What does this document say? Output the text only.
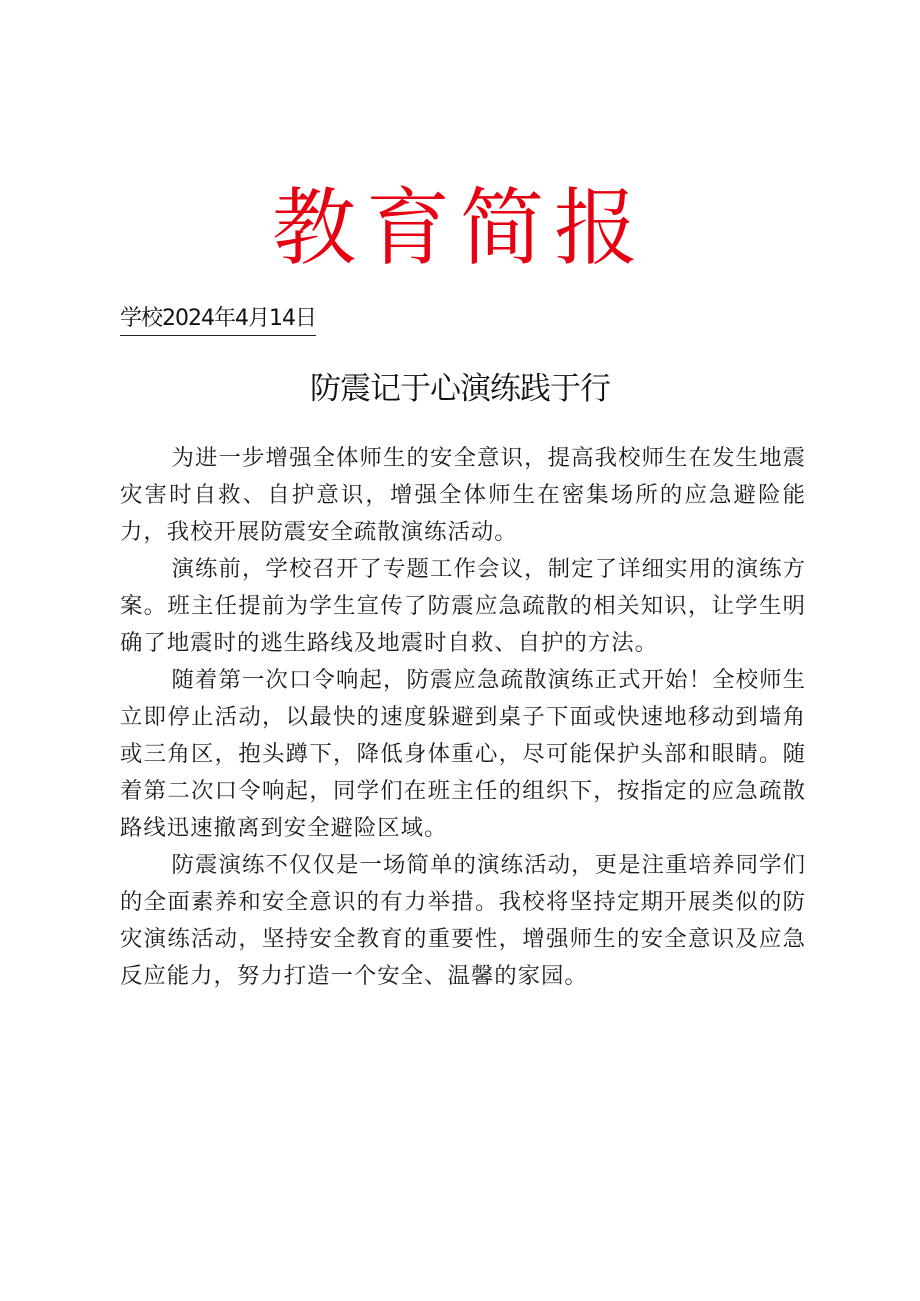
教育简报
学校2024年4月14日
防震记于心演练践于行

为进一步增强全体师生的安全意识，提高我校师生在发生地震灾害时自救、自护意识，增强全体师生在密集场所的应急避险能力，我校开展防震安全疏散演练活动。

演练前，学校召开了专题工作会议，制定了详细实用的演练方案。班主任提前为学生宣传了防震应急疏散的相关知识，让学生明确了地震时的逃生路线及地震时自救、自护的方法。

随着第一次口令响起，防震应急疏散演练正式开始！全校师生立即停止活动，以最快的速度躲避到桌子下面或快速地移动到墙角或三角区，抱头蹲下，降低身体重心，尽可能保护头部和眼睛。随着第二次口令响起，同学们在班主任的组织下，按指定的应急疏散路线迅速撤离到安全避险区域。

防震演练不仅仅是一场简单的演练活动，更是注重培养同学们的全面素养和安全意识的有力举措。我校将坚持定期开展类似的防灾演练活动，坚持安全教育的重要性，增强师生的安全意识及应急反应能力，努力打造一个安全、温馨的家园。
